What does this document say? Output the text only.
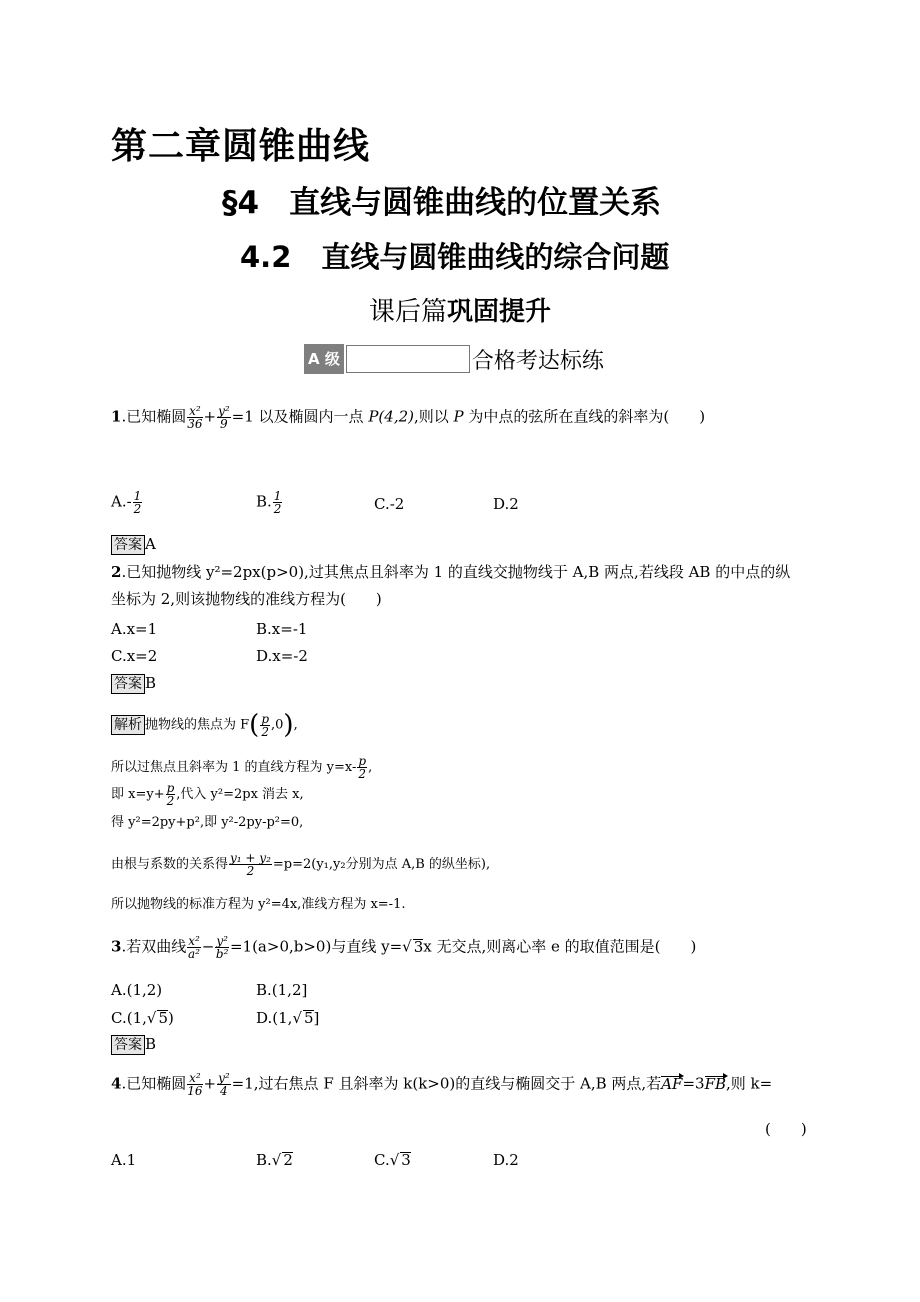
第二章圆锥曲线
§4 直线与圆锥曲线的位置关系
4.2 直线与圆锥曲线的综合问题
课后篇巩固提升
A 级	合格考达标练
1.已知椭圆 $\frac{\text{x²}}{36} + \frac{\text{y²}}{9} =1$ 以及椭圆内一点 P(4,2),则以 P 为中点的弦所在直线的斜率为(　　)
$A.- \frac{1}{2}$	B. $\frac{1}{2}$	C.-2	D.2
答案 A
2.已知抛物线 y²=2px(p>0),过其焦点且斜率为 1 的直线交抛物线于 A,B 两点,若线段 AB 的中点的纵
坐标为 2,则该抛物线的准线方程为(　　)
A.x=1	B.x=-1
C.x=2	D.x=-2
答案 B
解析 抛物线的焦点为 $F( \frac{p}{2} ,0)$,
所以过焦点且斜率为 1 的直线方程为 $y=x- \frac{p}{2}$ ,
即 $x=y+ \frac{p}{2}$ ,代入 y²=2px 消去 x,
得 y²=2py+p²,即 y²-2py-p²=0,
由根与系数的关系得 $\frac{\text{y₁ + y₂}}{2} =p=2(y_1,y_2$分别为点 A,B 的纵坐标),
所以抛物线的标准方程为 y²=4x,准线方程为 x=-1.
3.若双曲线 $\frac{\text{x²}}{\text{a²}} - \frac{\text{y²}}{\text{b²}} =1(a>0,b>0)$与直线 y=√ 3x 无交点,则离心率 e 的取值范围是(　　)
A.(1,2)	B.(1,2]
C.(1,√ 5)	D.(1,√ 5]
答案 B
4.已知椭圆 $\frac{\text{x²}}{16} + \frac{\text{y²}}{4} =1$,过右焦点 F 且斜率为 k(k>0)的直线与椭圆交于 A,B 两点,若AF=3FB,则 k=
(　　)
A.1	B.√ 2	C.√ 3	D.2
